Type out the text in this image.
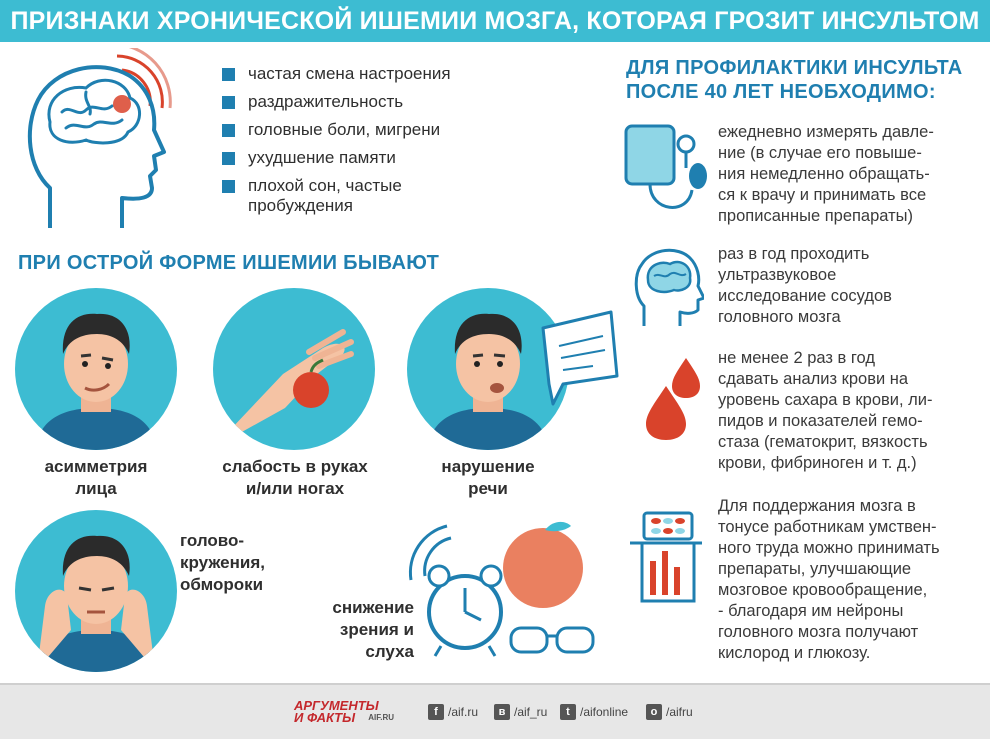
ПРИЗНАКИ ХРОНИЧЕСКОЙ ИШЕМИИ МОЗГА, КОТОРАЯ ГРОЗИТ ИНСУЛЬТОМ
частая смена настроения
раздражительность
головные боли, мигрени
ухудшение памяти
плохой сон, частые пробуждения
ПРИ ОСТРОЙ ФОРМЕ ИШЕМИИ БЫВАЮТ
асимметрия
лица
слабость в руках
и/или ногах
нарушение
речи
голово-
кружения,
обмороки
снижение
зрения и
слуха
ДЛЯ ПРОФИЛАКТИКИ ИНСУЛЬТА
ПОСЛЕ 40 ЛЕТ НЕОБХОДИМО:
ежедневно измерять давле-
ние (в случае его повыше-
ния немедленно обращать-
ся к врачу и принимать все
прописанные препараты)
раз в год проходить
ультразвуковое
исследование сосудов
головного мозга
не менее 2 раз в год
сдавать анализ крови на
уровень сахара в крови, ли-
пидов и показателей гемо-
стаза (гематокрит, вязкость
крови, фибриноген и т. д.)
Для поддержания мозга в
тонусе работникам умствен-
ного труда можно принимать
препараты, улучшающие
мозговое кровообращение,
- благодаря им нейроны
головного мозга получают
кислород и глюкозу.
АРГУМЕНТЫ
И ФАКТЫ AIF.RU	f /aif.ru	в /aif_ru	t /aifonline	o /aifru
